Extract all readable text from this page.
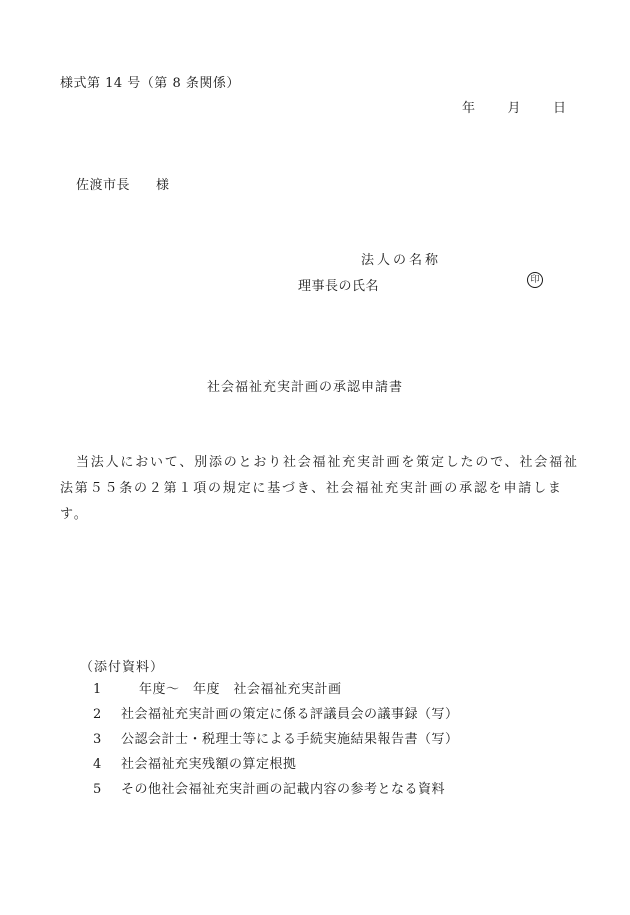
様式第 14 号（第 8 条関係）
年 月 日
佐渡市長 様
法人の名称
理事長の氏名	印
社会福祉充実計画の承認申請書
当法人において、別添のとおり社会福祉充実計画を策定したので、社会福祉法第５５条の２第１項の規定に基づき、社会福祉充実計画の承認を申請します。
（添付資料）
1	年度～　年度　社会福祉充実計画
2 社会福祉充実計画の策定に係る評議員会の議事録（写）
3 公認会計士・税理士等による手続実施結果報告書（写）
4 社会福祉充実残額の算定根拠
5 その他社会福祉充実計画の記載内容の参考となる資料
